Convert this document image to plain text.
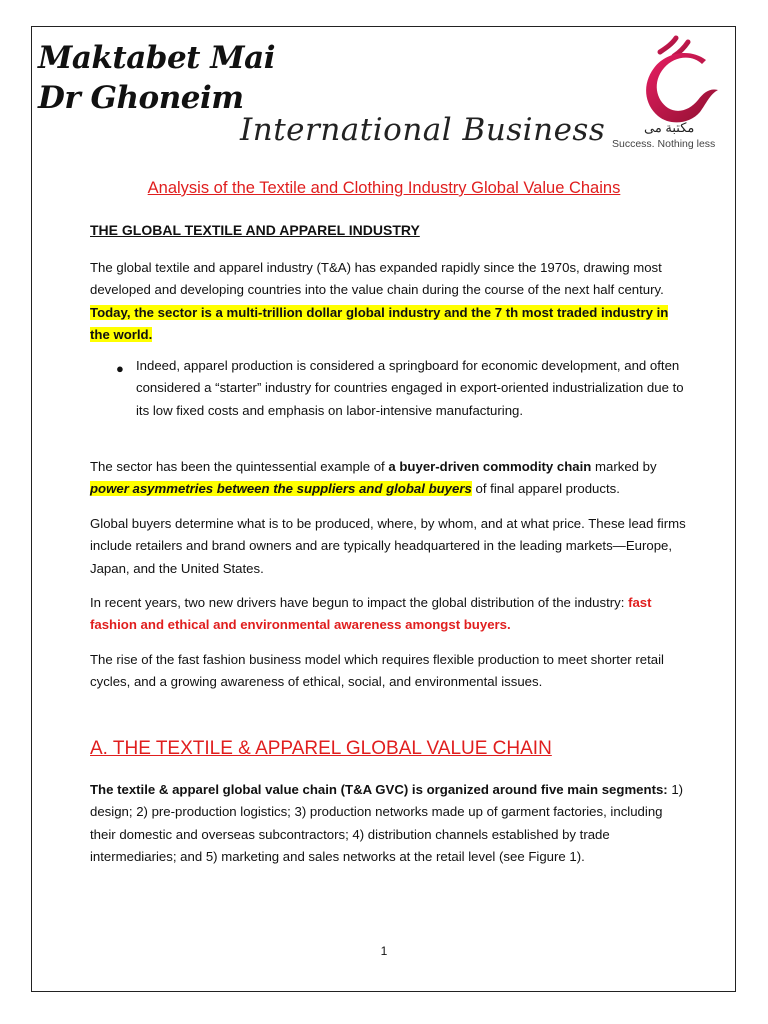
Maktabet Mai
Dr Ghoneim
International Business	مكتبة مى
Success. Nothing less
Analysis of the Textile and Clothing Industry Global Value Chains
THE GLOBAL TEXTILE AND APPAREL INDUSTRY
The global textile and apparel industry (T&A) has expanded rapidly since the 1970s, drawing most developed and developing countries into the value chain during the course of the next half century. Today, the sector is a multi-trillion dollar global industry and the 7 th most traded industry in the world.
● Indeed, apparel production is considered a springboard for economic development, and often considered a “starter” industry for countries engaged in export-oriented industrialization due to its low fixed costs and emphasis on labor-intensive manufacturing.
The sector has been the quintessential example of a buyer-driven commodity chain marked by power asymmetries between the suppliers and global buyers of final apparel products.
Global buyers determine what is to be produced, where, by whom, and at what price. These lead firms include retailers and brand owners and are typically headquartered in the leading markets—Europe, Japan, and the United States.
In recent years, two new drivers have begun to impact the global distribution of the industry: fast fashion and ethical and environmental awareness amongst buyers.
The rise of the fast fashion business model which requires flexible production to meet shorter retail cycles, and a growing awareness of ethical, social, and environmental issues.
A. THE TEXTILE & APPAREL GLOBAL VALUE CHAIN
The textile & apparel global value chain (T&A GVC) is organized around five main segments: 1) design; 2) pre-production logistics; 3) production networks made up of garment factories, including their domestic and overseas subcontractors; 4) distribution channels established by trade intermediaries; and 5) marketing and sales networks at the retail level (see Figure 1).
1
